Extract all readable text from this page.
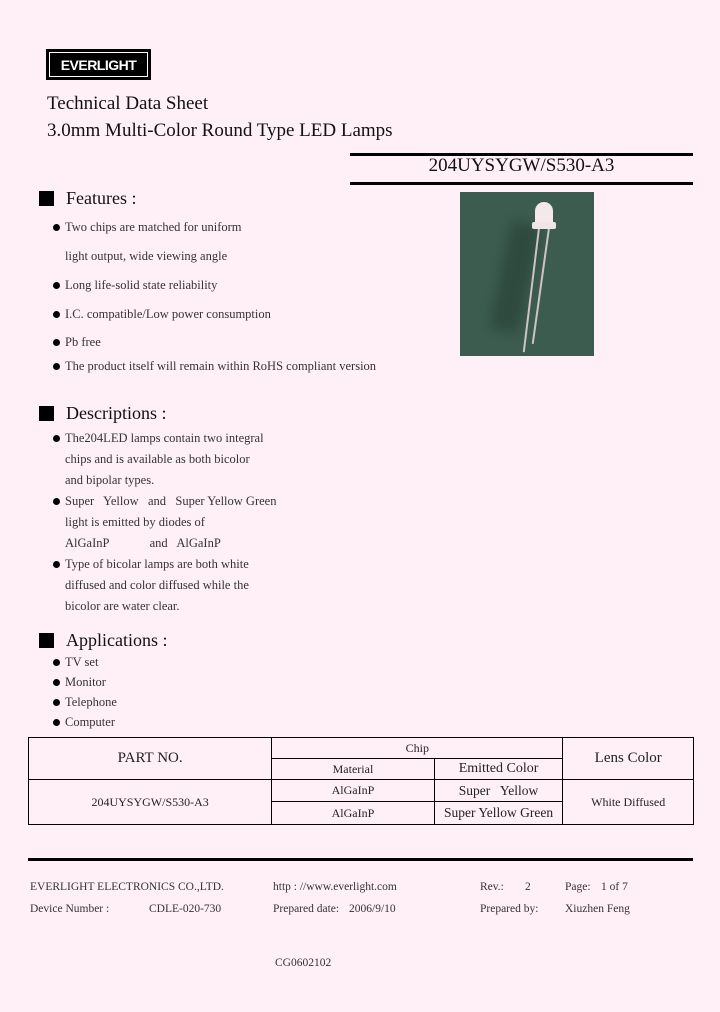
EVERLIGHT
Technical Data Sheet
3.0mm Multi-Color Round Type LED Lamps
204UYSYGW/S530-A3
Features :
Two chips are matched for uniform
light output, wide viewing angle
Long life-solid state reliability
I.C. compatible/Low power consumption
Pb free
The product itself will remain within RoHS compliant version
Descriptions :
The204LED lamps contain two integral
chips and is available as both bicolor
and bipolar types.
Super   Yellow   and   Super Yellow Green
light is emitted by diodes of
AlGaInP             and   AlGaInP
Type of bicolar lamps are both white
diffused and color diffused while the
bicolor are water clear.
Applications :
TV set
Monitor
Telephone
Computer
PART NO.	Chip		Lens Color
	Material	Emitted Color	
204UYSYGW/S530-A3	AlGaInP	Super   Yellow	White Diffused
	AlGaInP	Super Yellow Green	
EVERLIGHT ELECTRONICS CO.,LTD.	http : //www.everlight.com	Rev.: 2	Page: 1 of 7
Device Number :	CDLE-020-730	Prepared date: 2006/9/10	Prepared by: Xiuzhen Feng
CG0602102
